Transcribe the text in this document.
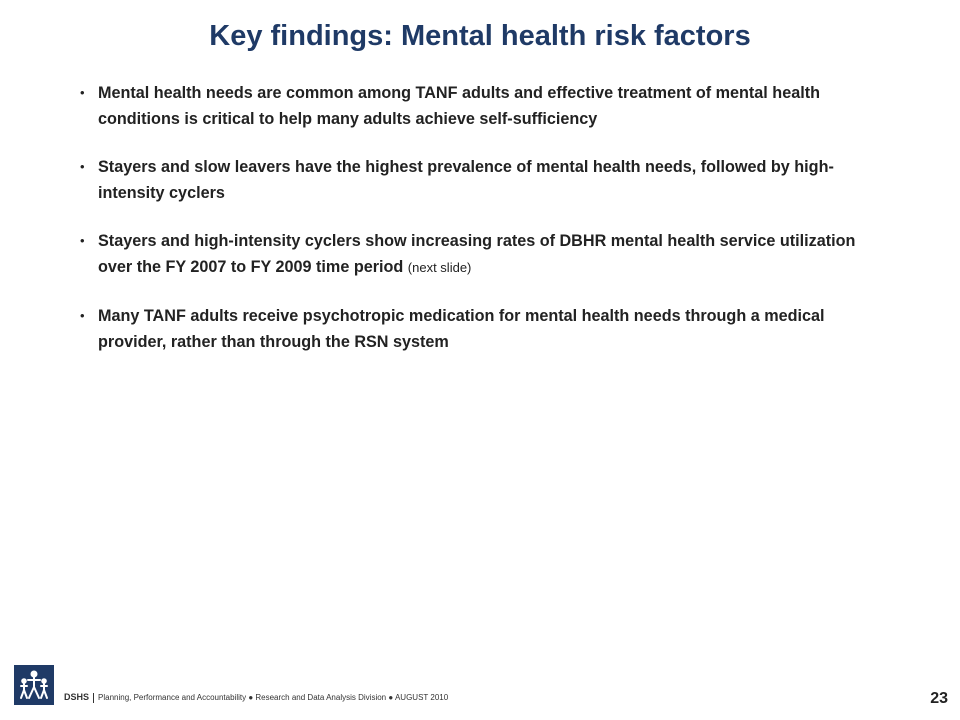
Key findings: Mental health risk factors
• Mental health needs are common among TANF adults and effective treatment of mental health conditions is critical to help many adults achieve self-sufficiency
• Stayers and slow leavers have the highest prevalence of mental health needs, followed by high-intensity cyclers
• Stayers and high-intensity cyclers show increasing rates of DBHR mental health service utilization over the FY 2007 to FY 2009 time period (next slide)
• Many TANF adults receive psychotropic medication for mental health needs through a medical provider, rather than through the RSN system
DSHS Planning, Performance and Accountability ● Research and Data Analysis Division ● AUGUST 2010	23
